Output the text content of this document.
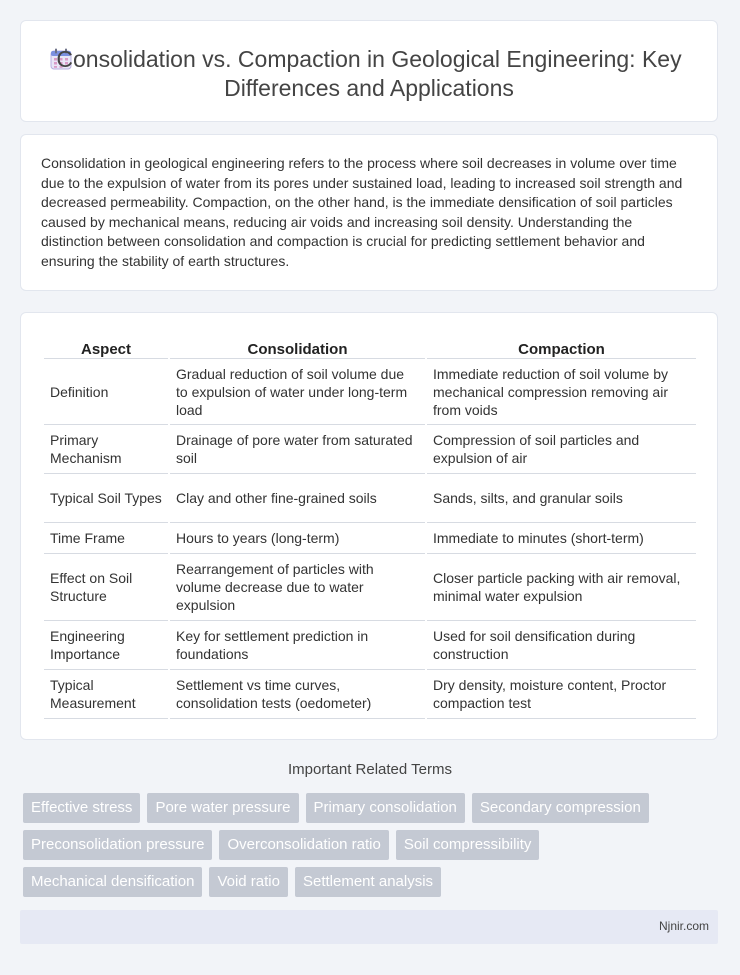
Consolidation vs. Compaction in Geological Engineering: Key Differences and Applications

Consolidation in geological engineering refers to the process where soil decreases in volume over time due to the expulsion of water from its pores under sustained load, leading to increased soil strength and decreased permeability. Compaction, on the other hand, is the immediate densification of soil particles caused by mechanical means, reducing air voids and increasing soil density. Understanding the distinction between consolidation and compaction is crucial for predicting settlement behavior and ensuring the stability of earth structures.

Aspect	Consolidation	Compaction
Definition	Gradual reduction of soil volume due to expulsion of water under long-term load	Immediate reduction of soil volume by mechanical compression removing air from voids
Primary Mechanism	Drainage of pore water from saturated soil	Compression of soil particles and expulsion of air
Typical Soil Types	Clay and other fine-grained soils	Sands, silts, and granular soils
Time Frame	Hours to years (long-term)	Immediate to minutes (short-term)
Effect on Soil Structure	Rearrangement of particles with volume decrease due to water expulsion	Closer particle packing with air removal, minimal water expulsion
Engineering Importance	Key for settlement prediction in foundations	Used for soil densification during construction
Typical Measurement	Settlement vs time curves, consolidation tests (oedometer)	Dry density, moisture content, Proctor compaction test
Important Related Terms
Effective stress	Pore water pressure	Primary consolidation	Secondary compression
Preconsolidation pressure	Overconsolidation ratio	Soil compressibility
Mechanical densification	Void ratio	Settlement analysis
Njnir.com
